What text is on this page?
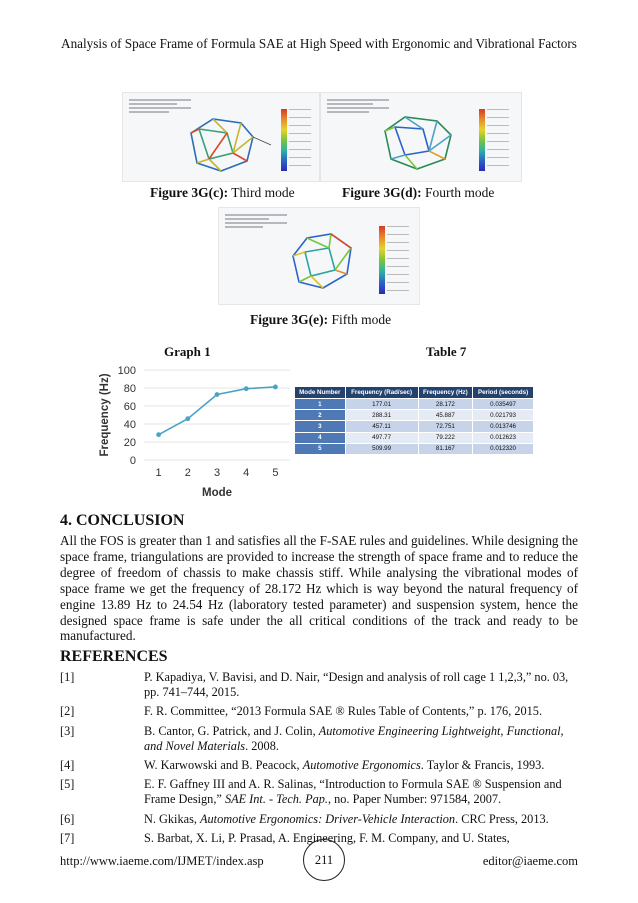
Analysis of Space Frame of Formula SAE at High Speed with Ergonomic and Vibrational Factors
Figure 3G(c): Third mode	Figure 3G(d): Fourth mode
Figure 3G(e): Fifth mode
Graph 1	Table 7
0
20
40
60
80
100
1 2 3 4 5
Mode
Frequency (Hz)	Mode Number	Frequency (Rad/sec)	Frequency (Hz)	Period (seconds)
1	177.01	28.172	0.035497
2	288.31	45.887	0.021793
3	457.11	72.751	0.013746
4	497.77	79.222	0.012623
5	509.99	81.167	0.012320
4. CONCLUSION
All the FOS is greater than 1 and satisfies all the F-SAE rules and guidelines. While designing the space frame, triangulations are provided to increase the strength of space frame and to reduce the degree of freedom of chassis to make chassis stiff. While analysing the vibrational modes of space frame we get the frequency of 28.172 Hz which is way beyond the natural frequency of engine 13.89 Hz to 24.54 Hz (laboratory tested parameter) and suspension system, hence the designed space frame is safe under the all critical conditions of the track and ready to be manufactured.
REFERENCES
[1]	P. Kapadiya, V. Bavisi, and D. Nair, “Design and analysis of roll cage 1 1,2,3,” no. 03, pp. 741–744, 2015.
[2]	F. R. Committee, “2013 Formula SAE ® Rules Table of Contents,” p. 176, 2015.
[3]	B. Cantor, G. Patrick, and J. Colin, Automotive Engineering Lightweight, Functional, and Novel Materials. 2008.
[4]	W. Karwowski and B. Peacock, Automotive Ergonomics. Taylor & Francis, 1993.
[5]	E. F. Gaffney III and A. R. Salinas, “Introduction to Formula SAE ® Suspension and Frame Design,” SAE Int. - Tech. Pap., no. Paper Number: 971584, 2007.
[6]	N. Gkikas, Automotive Ergonomics: Driver-Vehicle Interaction. CRC Press, 2013.
[7]	S. Barbat, X. Li, P. Prasad, A. Engineering, F. M. Company, and U. States,
http://www.iaeme.com/IJMET/index.asp	211	editor@iaeme.com
